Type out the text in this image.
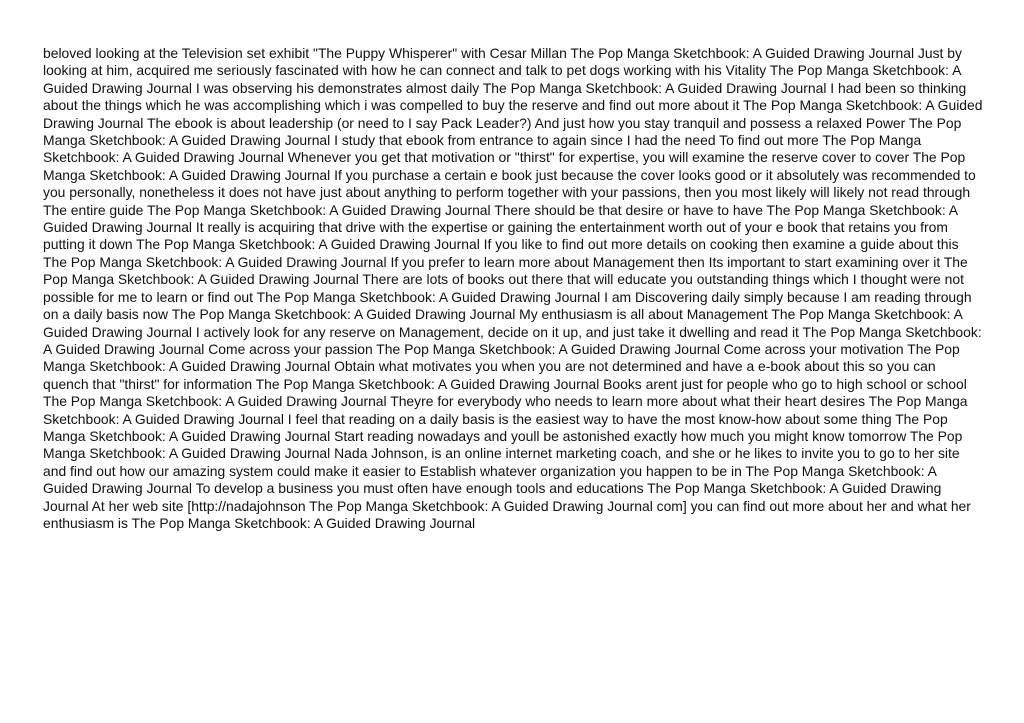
beloved looking at the Television set exhibit "The Puppy Whisperer" with Cesar Millan The Pop Manga Sketchbook: A Guided Drawing Journal Just by looking at him, acquired me seriously fascinated with how he can connect and talk to pet dogs working with his Vitality The Pop Manga Sketchbook: A Guided Drawing Journal I was observing his demonstrates almost daily The Pop Manga Sketchbook: A Guided Drawing Journal I had been so thinking about the things which he was accomplishing which i was compelled to buy the reserve and find out more about it The Pop Manga Sketchbook: A Guided Drawing Journal The ebook is about leadership (or need to I say Pack Leader?) And just how you stay tranquil and possess a relaxed Power The Pop Manga Sketchbook: A Guided Drawing Journal I study that ebook from entrance to again since I had the need To find out more The Pop Manga Sketchbook: A Guided Drawing Journal Whenever you get that motivation or "thirst" for expertise, you will examine the reserve cover to cover The Pop Manga Sketchbook: A Guided Drawing Journal If you purchase a certain e book just because the cover looks good or it absolutely was recommended to you personally, nonetheless it does not have just about anything to perform together with your passions, then you most likely will likely not read through The entire guide The Pop Manga Sketchbook: A Guided Drawing Journal There should be that desire or have to have The Pop Manga Sketchbook: A Guided Drawing Journal It really is acquiring that drive with the expertise or gaining the entertainment worth out of your e book that retains you from putting it down The Pop Manga Sketchbook: A Guided Drawing Journal If you like to find out more details on cooking then examine a guide about this The Pop Manga Sketchbook: A Guided Drawing Journal If you prefer to learn more about Management then Its important to start examining over it The Pop Manga Sketchbook: A Guided Drawing Journal There are lots of books out there that will educate you outstanding things which I thought were not possible for me to learn or find out The Pop Manga Sketchbook: A Guided Drawing Journal I am Discovering daily simply because I am reading through on a daily basis now The Pop Manga Sketchbook: A Guided Drawing Journal My enthusiasm is all about Management The Pop Manga Sketchbook: A Guided Drawing Journal I actively look for any reserve on Management, decide on it up, and just take it dwelling and read it The Pop Manga Sketchbook: A Guided Drawing Journal Come across your passion The Pop Manga Sketchbook: A Guided Drawing Journal Come across your motivation The Pop Manga Sketchbook: A Guided Drawing Journal Obtain what motivates you when you are not determined and have a e-book about this so you can quench that "thirst" for information The Pop Manga Sketchbook: A Guided Drawing Journal Books arent just for people who go to high school or school The Pop Manga Sketchbook: A Guided Drawing Journal Theyre for everybody who needs to learn more about what their heart desires The Pop Manga Sketchbook: A Guided Drawing Journal I feel that reading on a daily basis is the easiest way to have the most know-how about some thing The Pop Manga Sketchbook: A Guided Drawing Journal Start reading nowadays and youll be astonished exactly how much you might know tomorrow The Pop Manga Sketchbook: A Guided Drawing Journal Nada Johnson, is an online internet marketing coach, and she or he likes to invite you to go to her site and find out how our amazing system could make it easier to Establish whatever organization you happen to be in The Pop Manga Sketchbook: A Guided Drawing Journal To develop a business you must often have enough tools and educations The Pop Manga Sketchbook: A Guided Drawing Journal At her web site [http://nadajohnson The Pop Manga Sketchbook: A Guided Drawing Journal com] you can find out more about her and what her enthusiasm is The Pop Manga Sketchbook: A Guided Drawing Journal
